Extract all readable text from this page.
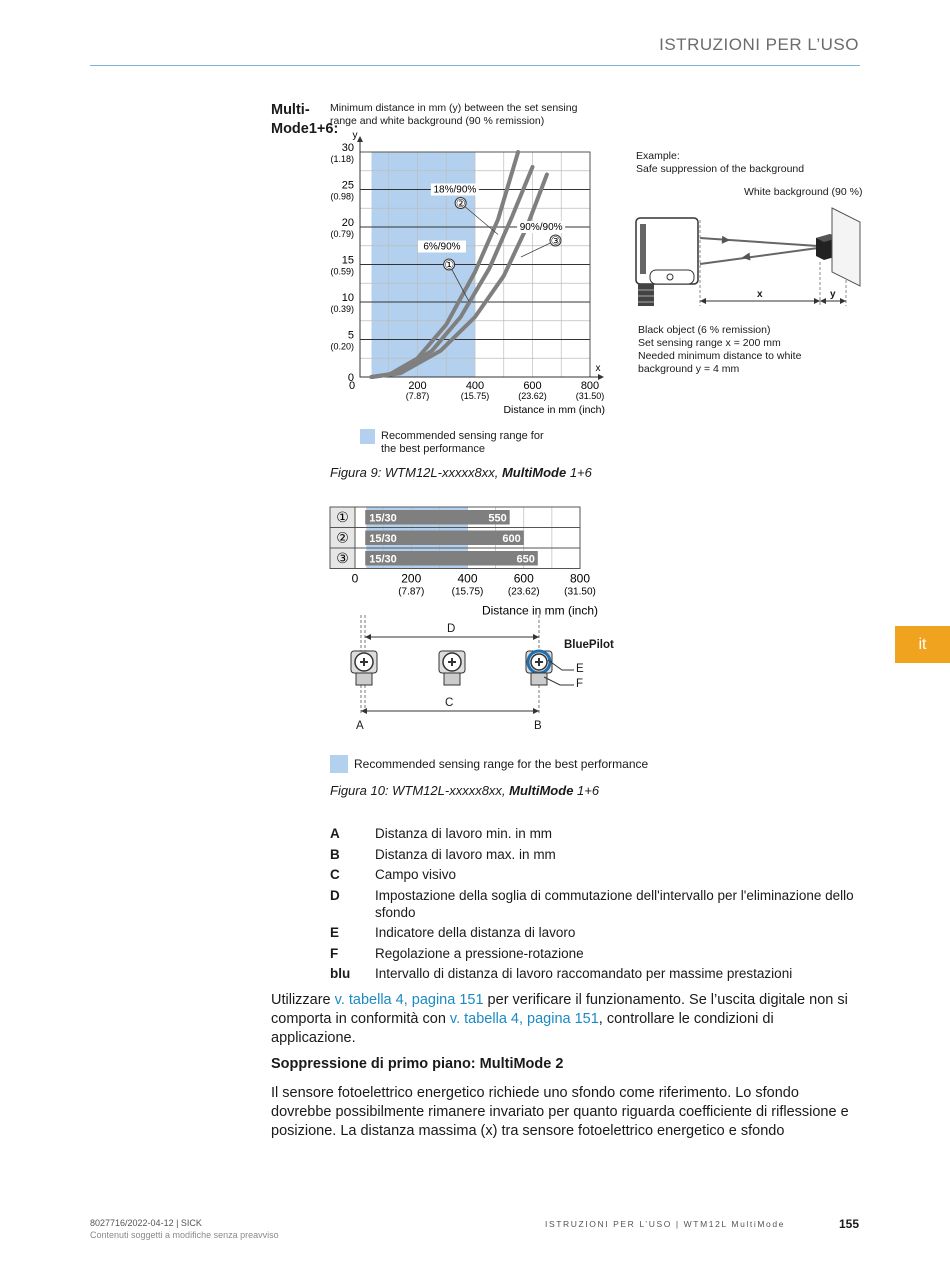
ISTRUZIONI PER L’USO
it
Multi-Mode1+6:
Minimum distance in mm (y) between the set sensing range and white background (90 % remission)
y
x
0
5
(0.20)
10
(0.39)
15
(0.59)
20
(0.79)
25
(0.98)
30
(1.18)
0	200
(7.87)
400
(15.75)
600
(23.62)
800
(31.50)
Distance in mm (inch)
6%/90%
①
18%/90%
②
90%/90%
③
Recommended sensing range for the best performance
Example:
Safe suppression of the background
White background (90 %)
x	y
Black object (6 % remission)
Set sensing range x = 200 mm
Needed minimum distance to white
background y = 4 mm
Figura 9: WTM12L-xxxxx8xx, MultiMode 1+6
① 15/30	550
② 15/30	600
③ 15/30	650
0	200
(7.87)
400
(15.75)
600
(23.62)
800
(31.50)
Distance in mm (inch)
D
BluePilot
E
F
C
A	B
Recommended sensing range for the best performance
Figura 10: WTM12L-xxxxx8xx, MultiMode 1+6
A	Distanza di lavoro min. in mm
B	Distanza di lavoro max. in mm
C	Campo visivo
D	Impostazione della soglia di commutazione dell'intervallo per l'eliminazione dello sfondo
E	Indicatore della distanza di lavoro
F	Regolazione a pressione-rotazione
blu	Intervallo di distanza di lavoro raccomandato per massime prestazioni
Utilizzare v. tabella 4, pagina 151 per verificare il funzionamento. Se l’uscita digitale non si comporta in conformità con v. tabella 4, pagina 151, controllare le condizioni di applicazione.
Soppressione di primo piano: MultiMode 2
Il sensore fotoelettrico energetico richiede uno sfondo come riferimento. Lo sfondo dovrebbe possibilmente rimanere invariato per quanto riguarda coefficiente di riflessione e posizione. La distanza massima (x) tra sensore fotoelettrico energetico e sfondo
8027716/2022-04-12 | SICK
Contenuti soggetti a modifiche senza preavviso
ISTRUZIONI PER L’USO | WTM12L MultiMode	155
